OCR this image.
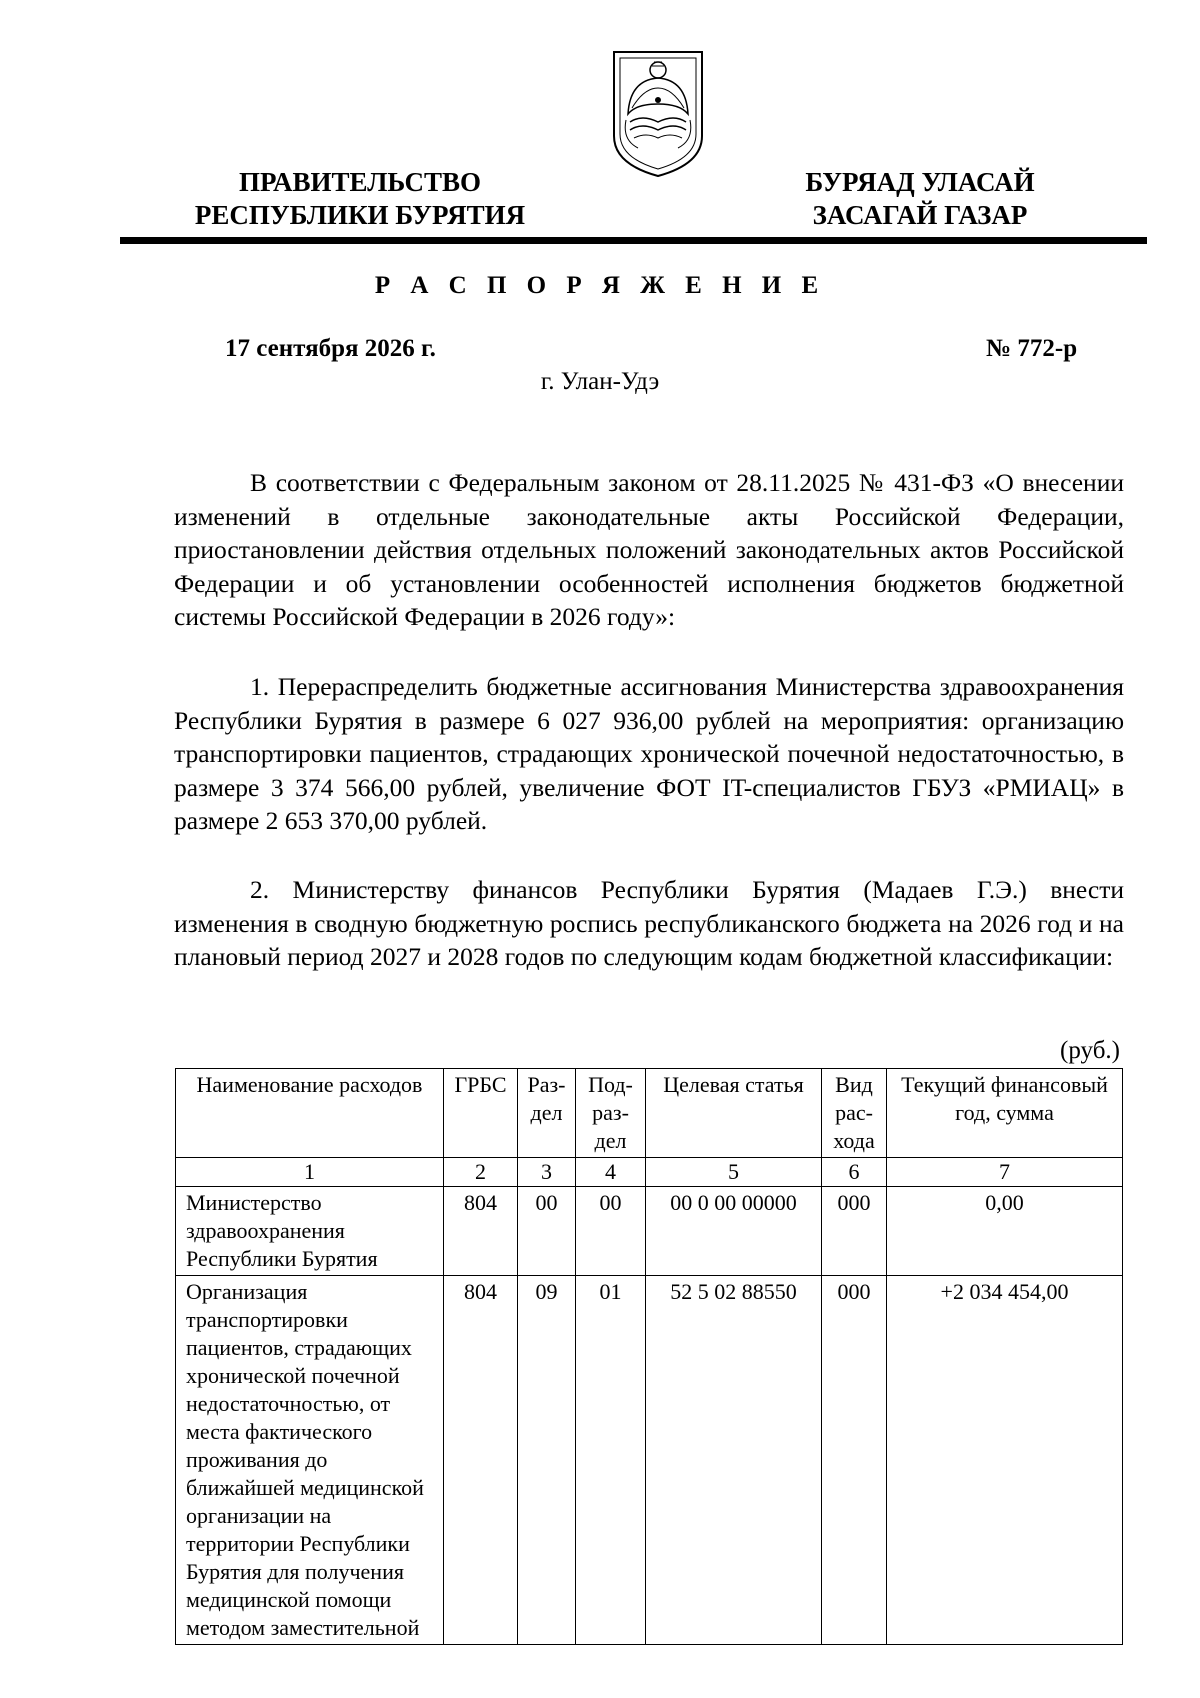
ПРАВИТЕЛЬСТВО
РЕСПУБЛИКИ БУРЯТИЯ
БУРЯАД УЛАСАЙ
ЗАСАГАЙ ГАЗАР
Р А С П О Р Я Ж Е Н И Е
17 сентября 2026 г.	№ 772-р
г. Улан-Удэ

В соответствии с Федеральным законом от 28.11.2025 № 431-ФЗ «О внесении изменений в отдельные законодательные акты Российской Федерации, приостановлении действия отдельных положений законодательных актов Российской Федерации и об установлении особенностей исполнения бюджетов бюджетной системы Российской Федерации в 2026 году»:

1. Перераспределить бюджетные ассигнования Министерства здравоохранения Республики Бурятия в размере 6 027 936,00 рублей на мероприятия: организацию транспортировки пациентов, страдающих хронической почечной недостаточностью, в размере 3 374 566,00 рублей, увеличение ФОТ IT-специалистов ГБУЗ «РМИАЦ» в размере 2 653 370,00 рублей.

2. Министерству финансов Республики Бурятия (Мадаев Г.Э.) внести изменения в сводную бюджетную роспись республиканского бюджета на 2026 год и на плановый период 2027 и 2028 годов по следующим кодам бюджетной классификации:

(руб.)
Наименование расходов	ГРБС	Раз-дел	Под-раз-дел	Целевая статья	Вид рас-хода	Текущий финансовый год, сумма
1	2	3	4	5	6	7
Министерство здравоохранения Республики Бурятия	804	00	00	00 0 00 00000	000	0,00
Организация транспортировки пациентов, страдающих хронической почечной недостаточностью, от места фактического проживания до ближайшей медицинской организации на территории Республики Бурятия для получения медицинской помощи методом заместительной	804	09	01	52 5 02 88550	000	+2 034 454,00
